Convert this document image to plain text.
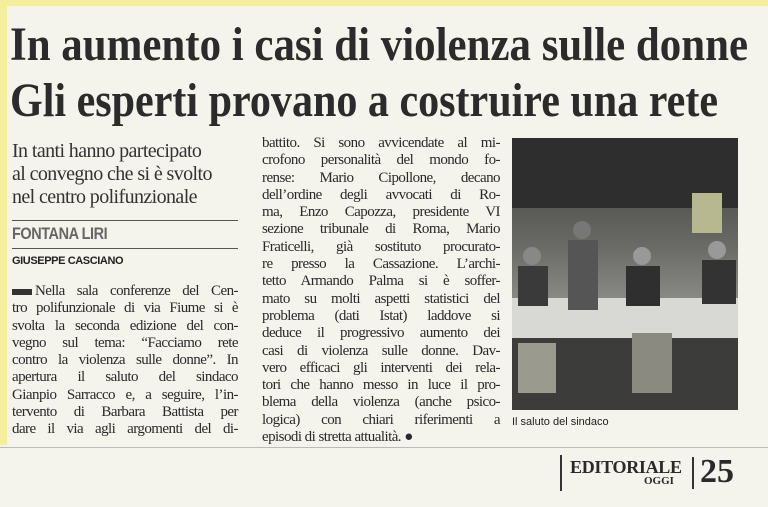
In aumento i casi di violenza sulle donne
Gli esperti provano a costruire una rete
In tanti hanno partecipato
al convegno che si è svolto
nel centro polifunzionale
FONTANA LIRI
GIUSEPPE CASCIANO
Nella sala conferenze del Cen-
tro polifunzionale di via Fiume si è
svolta la seconda edizione del con-
vegno sul tema: “Facciamo rete
contro la violenza sulle donne”. In
apertura il saluto del sindaco
Gianpio Sarracco e, a seguire, l’in-
tervento di Barbara Battista per
dare il via agli argomenti del di-
battito. Si sono avvicendate al mi-
crofono personalità del mondo fo-
rense: Mario Cipollone, decano
dell’ordine degli avvocati di Ro-
ma, Enzo Capozza, presidente VI
sezione tribunale di Roma, Mario
Fraticelli, già sostituto procurato-
re presso la Cassazione. L’archi-
tetto Armando Palma si è soffer-
mato su molti aspetti statistici del
problema (dati Istat) laddove si
deduce il progressivo aumento dei
casi di violenza sulle donne. Dav-
vero efficaci gli interventi dei rela-
tori che hanno messo in luce il pro-
blema della violenza (anche psico-
logica) con chiari riferimenti a
episodi di stretta attualità. ●
Il saluto del sindaco
EDITORIALE
OGGI 25
